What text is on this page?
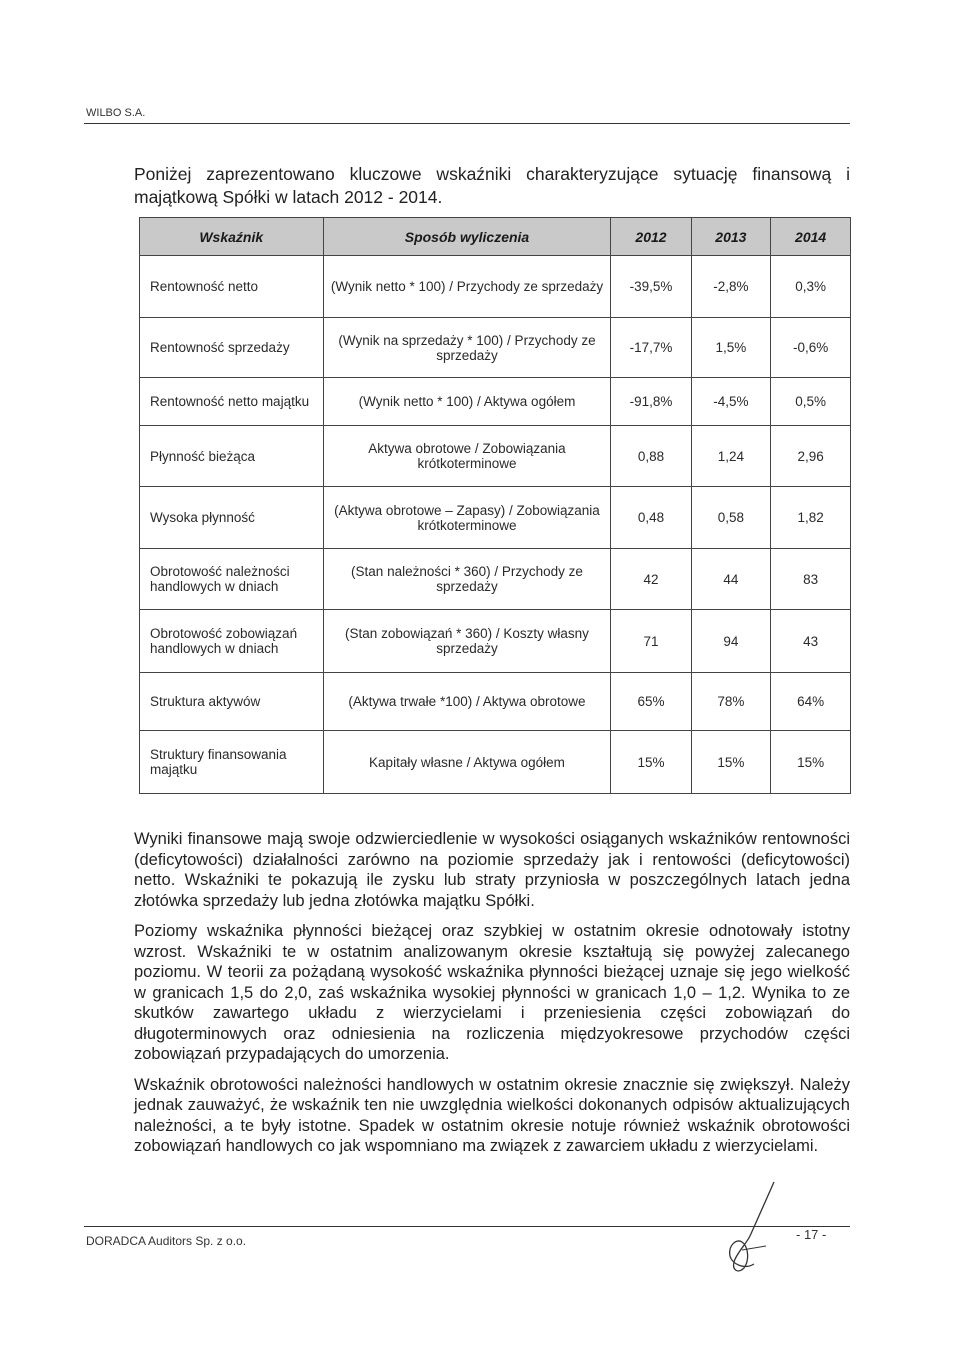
WILBO S.A.
Poniżej zaprezentowano kluczowe wskaźniki charakteryzujące sytuację finansową i majątkową Spółki w latach 2012 - 2014.
Wskaźnik	Sposób wyliczenia	2012	2013	2014
Rentowność netto	(Wynik netto * 100) / Przychody ze sprzedaży	-39,5%	-2,8%	0,3%
Rentowność sprzedaży	(Wynik na sprzedaży * 100) / Przychody ze sprzedaży	-17,7%	1,5%	-0,6%
Rentowność netto majątku	(Wynik netto * 100) / Aktywa ogółem	-91,8%	-4,5%	0,5%
Płynność bieżąca	Aktywa obrotowe / Zobowiązania krótkoterminowe	0,88	1,24	2,96
Wysoka płynność	(Aktywa obrotowe – Zapasy) / Zobowiązania krótkoterminowe	0,48	0,58	1,82
Obrotowość należności handlowych w dniach	(Stan należności * 360) / Przychody ze sprzedaży	42	44	83
Obrotowość zobowiązań handlowych w dniach	(Stan zobowiązań * 360) / Koszty własny sprzedaży	71	94	43
Struktura aktywów	(Aktywa trwałe *100) / Aktywa obrotowe	65%	78%	64%
Struktury finansowania majątku	Kapitały własne / Aktywa ogółem	15%	15%	15%

Wyniki finansowe mają swoje odzwierciedlenie w wysokości osiąganych wskaźników rentowności (deficytowości) działalności zarówno na poziomie sprzedaży jak i rentowości (deficytowości) netto. Wskaźniki te pokazują ile zysku lub straty przyniosła w poszczególnych latach jedna złotówka sprzedaży lub jedna złotówka majątku Spółki.

Poziomy wskaźnika płynności bieżącej oraz szybkiej w ostatnim okresie odnotowały istotny wzrost. Wskaźniki te w ostatnim analizowanym okresie kształtują się powyżej zalecanego poziomu. W teorii za pożądaną wysokość wskaźnika płynności bieżącej uznaje się jego wielkość w granicach 1,5 do 2,0, zaś wskaźnika wysokiej płynności w granicach 1,0 – 1,2. Wynika to ze skutków zawartego układu z wierzycielami i przeniesienia części zobowiązań do długoterminowych oraz odniesienia na rozliczenia międzyokresowe przychodów części zobowiązań przypadających do umorzenia.

Wskaźnik obrotowości należności handlowych w ostatnim okresie znacznie się zwiększył. Należy jednak zauważyć, że wskaźnik ten nie uwzględnia wielkości dokonanych odpisów aktualizujących należności, a te były istotne. Spadek w ostatnim okresie notuje również wskaźnik obrotowości zobowiązań handlowych co jak wspomniano ma związek z zawarciem układu z wierzycielami.

DORADCA Auditors Sp. z o.o.	- 17 -
